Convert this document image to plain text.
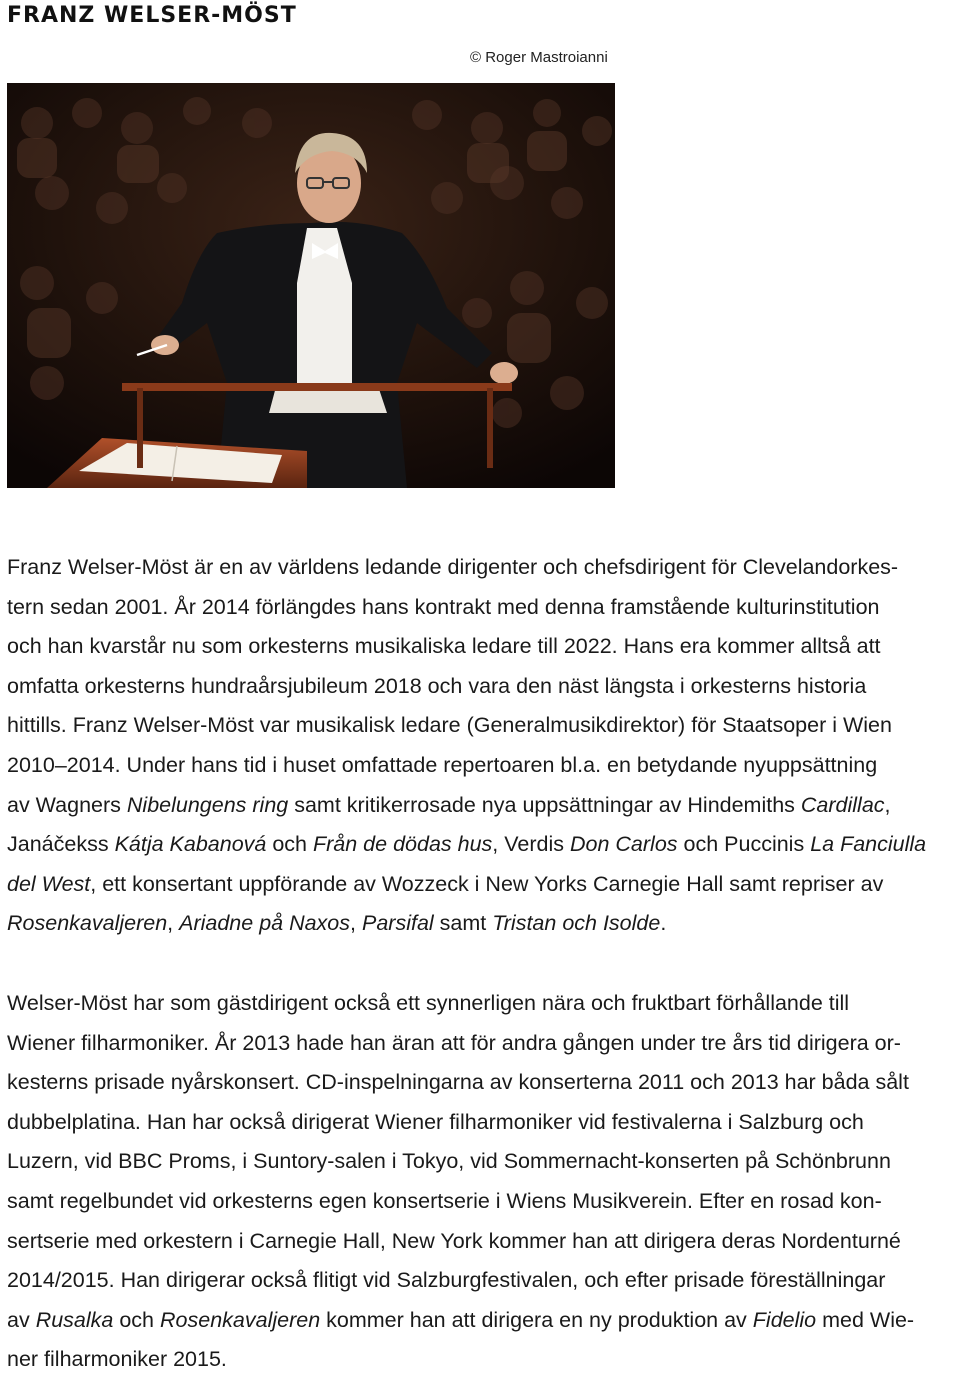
FRANZ WELSER-MÖST
© Roger Mastroianni
Franz Welser-Möst är en av världens ledande dirigenter och chefsdirigent för Clevelandorkes-
tern sedan 2001. År 2014 förlängdes hans kontrakt med denna framstående kulturinstitution
och han kvarstår nu som orkesterns musikaliska ledare till 2022. Hans era kommer alltså att
omfatta orkesterns hundraårsjubileum 2018 och vara den näst längsta i orkesterns historia
hittills. Franz Welser-Möst var musikalisk ledare (Generalmusikdirektor) för Staatsoper i Wien
2010–2014. Under hans tid i huset omfattade repertoaren bl.a. en betydande nyuppsättning
av Wagners Nibelungens ring samt kritikerrosade nya uppsättningar av Hindemiths Cardillac,
Janáčekss Kátja Kabanová och Från de dödas hus, Verdis Don Carlos och Puccinis La Fanciulla
del West, ett konsertant uppförande av Wozzeck i New Yorks Carnegie Hall samt repriser av
Rosenkavaljeren, Ariadne på Naxos, Parsifal samt Tristan och Isolde.
Welser-Möst har som gästdirigent också ett synnerligen nära och fruktbart förhållande till
Wiener filharmoniker. År 2013 hade han äran att för andra gången under tre års tid dirigera or-
kesterns prisade nyårskonsert. CD-inspelningarna av konserterna 2011 och 2013 har båda sålt
dubbelplatina. Han har också dirigerat Wiener filharmoniker vid festivalerna i Salzburg och
Luzern, vid BBC Proms, i Suntory-salen i Tokyo, vid Sommernacht-konserten på Schönbrunn
samt regelbundet vid orkesterns egen konsertserie i Wiens Musikverein. Efter en rosad kon-
sertserie med orkestern i Carnegie Hall, New York kommer han att dirigera deras Nordenturné
2014/2015. Han dirigerar också flitigt vid Salzburgfestivalen, och efter prisade föreställningar
av Rusalka och Rosenkavaljeren kommer han att dirigera en ny produktion av Fidelio med Wie-
ner filharmoniker 2015.
